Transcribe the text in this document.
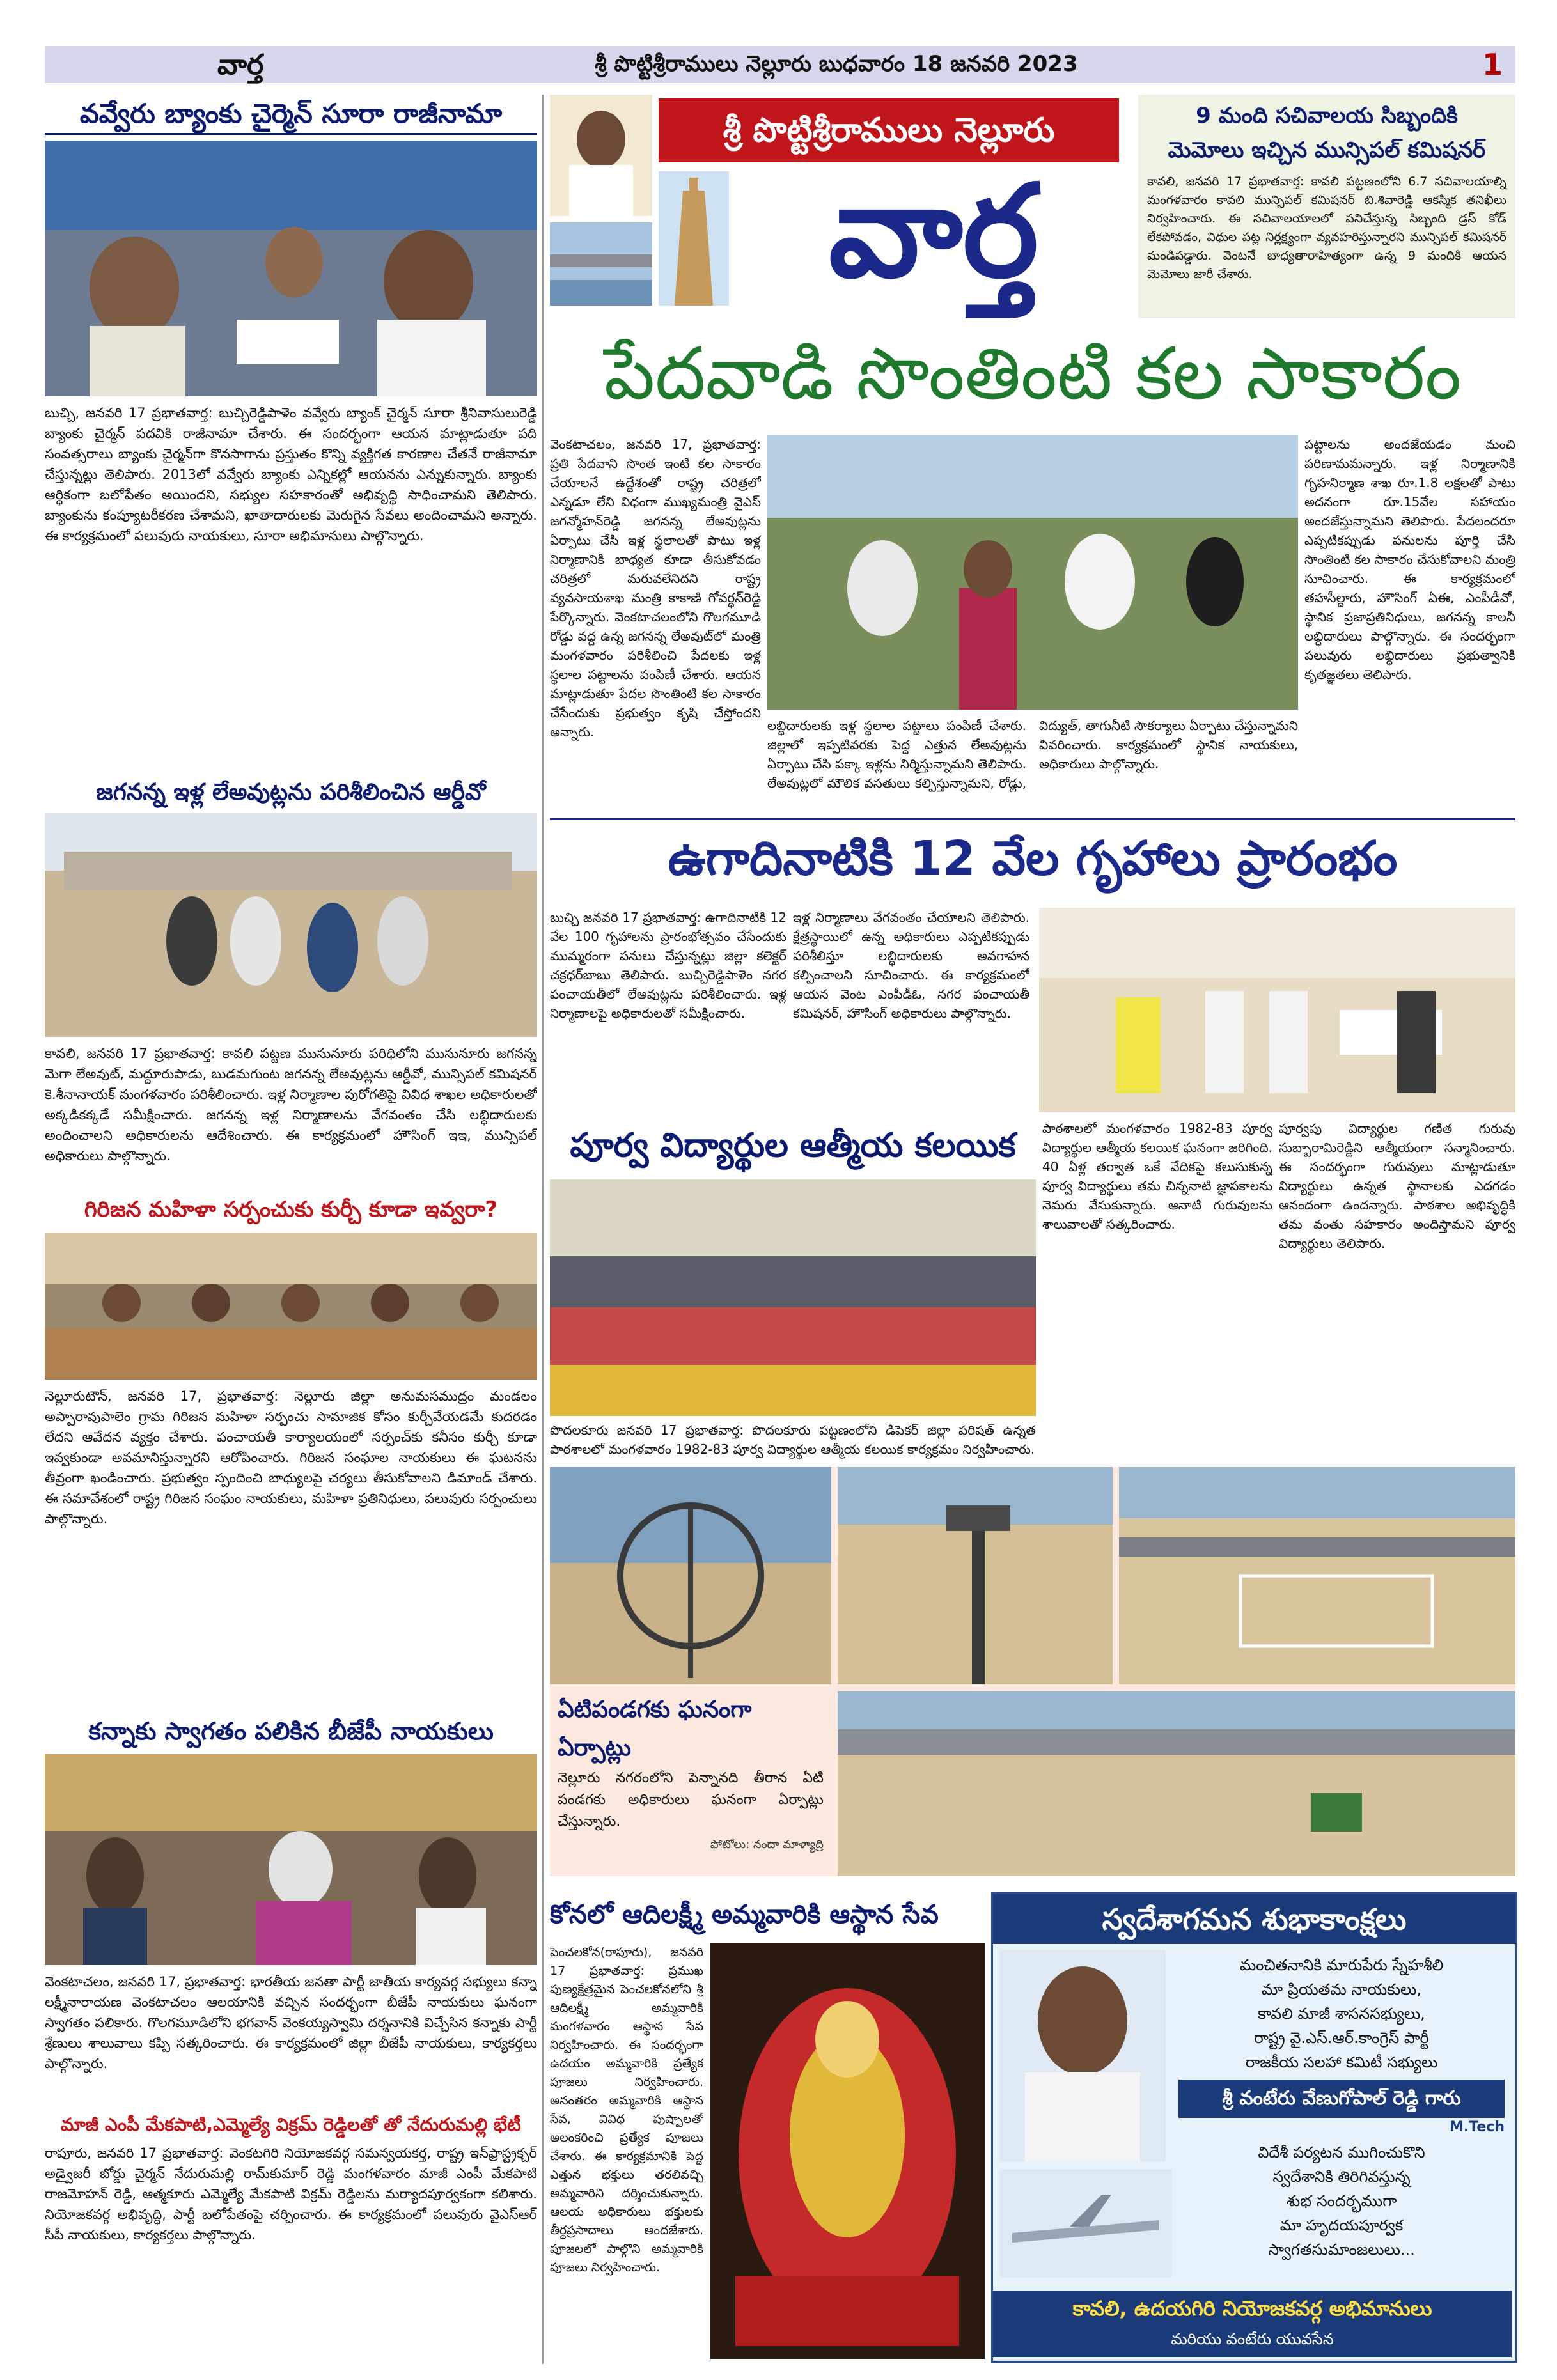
వార్త	శ్రీ పొట్టిశ్రీరాములు నెల్లూరు బుధవారం 18 జనవరి 2023	1
వవ్వేరు బ్యాంకు చైర్మెన్ సూరా రాజీనామా
బుచ్చి, జనవరి 17 ప్రభాతవార్త: బుచ్చిరెడ్డిపాళెం వవ్వేరు బ్యాంక్ చైర్మన్ సూరా శ్రీనివాసులురెడ్డి బ్యాంకు చైర్మన్ పదవికి రాజీనామా చేశారు. ఈ సందర్భంగా ఆయన మాట్లాడుతూ పది సంవత్సరాలు బ్యాంకు చైర్మన్‌గా కొనసాగాను ప్రస్తుతం కొన్ని వ్యక్తిగత కారణాల చేతనే రాజీనామా చేస్తున్నట్లు తెలిపారు. 2013లో వవ్వేరు బ్యాంకు ఎన్నికల్లో ఆయనను ఎన్నుకున్నారు. బ్యాంకు ఆర్థికంగా బలోపేతం అయిందని, సభ్యుల సహకారంతో అభివృద్ధి సాధించామని తెలిపారు. బ్యాంకును కంప్యూటరీకరణ చేశామని, ఖాతాదారులకు మెరుగైన సేవలు అందించామని అన్నారు. ఈ కార్యక్రమంలో పలువురు నాయకులు, సూరా అభిమానులు పాల్గొన్నారు.
జగనన్న ఇళ్ల లేఅవుట్లను పరిశీలించిన ఆర్డీవో
కావలి, జనవరి 17 ప్రభాతవార్త: కావలి పట్టణ ముసునూరు పరిధిలోని ముసునూరు జగనన్న మెగా లేఅవుట్, మద్దూరుపాడు, బుడమగుంట జగనన్న లేఅవుట్లను ఆర్డీవో, మున్సిపల్ కమిషనర్ కె.శీనానాయక్ మంగళవారం పరిశీలించారు. ఇళ్ల నిర్మాణాల పురోగతిపై వివిధ శాఖల అధికారులతో అక్కడికక్కడే సమీక్షించారు. జగనన్న ఇళ్ల నిర్మాణాలను వేగవంతం చేసి లబ్ధిదారులకు అందించాలని అధికారులను ఆదేశించారు. ఈ కార్యక్రమంలో హౌసింగ్ ఇఇ, మున్సిపల్ అధికారులు పాల్గొన్నారు.
గిరిజన మహిళా సర్పంచుకు కుర్చీ కూడా ఇవ్వరా?
నెల్లూరుటౌన్, జనవరి 17, ప్రభాతవార్త: నెల్లూరు జిల్లా అనుమసముద్రం మండలం అప్పారావుపాలెం గ్రామ గిరిజన మహిళా సర్పంచు సామాజిక కోసం కుర్చీవేయడమే కుదరడం లేదని ఆవేదన వ్యక్తం చేశారు. పంచాయతీ కార్యాలయంలో సర్పంచ్‌కు కనీసం కుర్చీ కూడా ఇవ్వకుండా అవమానిస్తున్నారని ఆరోపించారు. గిరిజన సంఘాల నాయకులు ఈ ఘటనను తీవ్రంగా ఖండించారు. ప్రభుత్వం స్పందించి బాధ్యులపై చర్యలు తీసుకోవాలని డిమాండ్ చేశారు. ఈ సమావేశంలో రాష్ట్ర గిరిజన సంఘం నాయకులు, మహిళా ప్రతినిధులు, పలువురు సర్పంచులు పాల్గొన్నారు.
కన్నాకు స్వాగతం పలికిన బీజేపీ నాయకులు
వెంకటాచలం, జనవరి 17, ప్రభాతవార్త: భారతీయ జనతా పార్టీ జాతీయ కార్యవర్గ సభ్యులు కన్నా లక్ష్మీనారాయణ వెంకటాచలం ఆలయానికి వచ్చిన సందర్భంగా బీజేపీ నాయకులు ఘనంగా స్వాగతం పలికారు. గొలగమూడిలోని భగవాన్ వెంకయ్యస్వామి దర్శనానికి విచ్చేసిన కన్నాకు పార్టీ శ్రేణులు శాలువాలు కప్పి సత్కరించారు. ఈ కార్యక్రమంలో జిల్లా బీజేపీ నాయకులు, కార్యకర్తలు పాల్గొన్నారు.
మాజీ ఎంపీ మేకపాటి,ఎమ్మెల్యే విక్రమ్ రెడ్డిలతో తో నేదురుమల్లి భేటీ
రాపూరు, జనవరి 17 ప్రభాతవార్త: వెంకటగిరి నియోజకవర్గ సమన్వయకర్త, రాష్ట్ర ఇన్‌ఫ్రాస్ట్రక్చర్ అడ్వైజరీ బోర్డు చైర్మన్ నేదురుమల్లి రామ్‌కుమార్ రెడ్డి మంగళవారం మాజీ ఎంపీ మేకపాటి రాజమోహన్ రెడ్డి, ఆత్మకూరు ఎమ్మెల్యే మేకపాటి విక్రమ్ రెడ్డిలను మర్యాదపూర్వకంగా కలిశారు. నియోజకవర్గ అభివృద్ధి, పార్టీ బలోపేతంపై చర్చించారు. ఈ కార్యక్రమంలో పలువురు వైఎస్ఆర్ సీపీ నాయకులు, కార్యకర్తలు పాల్గొన్నారు.
శ్రీ పొట్టిశ్రీరాములు నెల్లూరు
వార్త
9 మంది సచివాలయ సిబ్బందికి
మెమోలు ఇచ్చిన మున్సిపల్ కమిషనర్
కావలి, జనవరి 17 ప్రభాతవార్త: కావలి పట్టణంలోని 6.7 సచివాలయాల్ని మంగళవారం కావలి మున్సిపల్ కమిషనర్ బి.శివారెడ్డి ఆకస్మిక తనిఖీలు నిర్వహించారు. ఈ సచివాలయాలలో పనిచేస్తున్న సిబ్బంది డ్రస్ కోడ్ లేకపోవడం, విధుల పట్ల నిర్లక్ష్యంగా వ్యవహరిస్తున్నారని మున్సిపల్ కమిషనర్ మండిపడ్డారు. వెంటనే బాధ్యతారాహిత్యంగా ఉన్న 9 మందికి ఆయన మెమోలు జారీ చేశారు.
పేదవాడి సొంతింటి కల సాకారం
వెంకటాచలం, జనవరి 17, ప్రభాతవార్త: ప్రతి పేదవాని సొంత ఇంటి కల సాకారం చేయాలనే ఉద్దేశంతో రాష్ట్ర చరిత్రలో ఎన్నడూ లేని విధంగా ముఖ్యమంత్రి వైఎస్ జగన్మోహన్‌రెడ్డి జగనన్న లేఅవుట్లను ఏర్పాటు చేసి ఇళ్ల స్థలాలతో పాటు ఇళ్ల నిర్మాణానికి బాధ్యత కూడా తీసుకోవడం చరిత్రలో మరువలేనిదని రాష్ట్ర వ్యవసాయశాఖ మంత్రి కాకాణి గోవర్ధన్‌రెడ్డి పేర్కొన్నారు. వెంకటాచలంలోని గొలగమూడి రోడ్డు వద్ద ఉన్న జగనన్న లేఅవుట్‌లో మంత్రి మంగళవారం పరిశీలించి పేదలకు ఇళ్ల స్థలాల పట్టాలను పంపిణీ చేశారు. ఆయన మాట్లాడుతూ పేదల సొంతింటి కల సాకారం చేసేందుకు ప్రభుత్వం కృషి చేస్తోందని అన్నారు.	లబ్ధిదారులకు ఇళ్ల స్థలాల పట్టాలు పంపిణీ చేశారు. జిల్లాలో ఇప్పటివరకు పెద్ద ఎత్తున లేఅవుట్లను ఏర్పాటు చేసి పక్కా ఇళ్లను నిర్మిస్తున్నామని తెలిపారు. లేఅవుట్లలో మౌలిక వసతులు కల్పిస్తున్నామని, రోడ్లు, విద్యుత్, తాగునీటి సౌకర్యాలు ఏర్పాటు చేస్తున్నామని వివరించారు. కార్యక్రమంలో స్థానిక నాయకులు, అధికారులు పాల్గొన్నారు.
పట్టాలను అందజేయడం మంచి పరిణామమన్నారు. ఇళ్ల నిర్మాణానికి గృహనిర్మాణ శాఖ రూ.1.8 లక్షలతో పాటు అదనంగా రూ.15వేల సహాయం అందజేస్తున్నామని తెలిపారు. పేదలందరూ ఎప్పటికప్పుడు పనులను పూర్తి చేసి సొంతింటి కల సాకారం చేసుకోవాలని మంత్రి సూచించారు. ఈ కార్యక్రమంలో తహసీల్దారు, హౌసింగ్ ఏఈ, ఎంపీడీవో, స్థానిక ప్రజాప్రతినిధులు, జగనన్న కాలనీ లబ్ధిదారులు పాల్గొన్నారు. ఈ సందర్భంగా పలువురు లబ్ధిదారులు ప్రభుత్వానికి కృతజ్ఞతలు తెలిపారు.
ఉగాదినాటికి 12 వేల గృహాలు ప్రారంభం
బుచ్చి జనవరి 17 ప్రభాతవార్త: ఉగాదినాటికి 12 వేల 100 గృహాలను ప్రారంభోత్సవం చేసేందుకు ముమ్మరంగా పనులు చేస్తున్నట్లు జిల్లా కలెక్టర్ చక్రధర్‌బాబు తెలిపారు. బుచ్చిరెడ్డిపాళెం నగర పంచాయతీలో లేఅవుట్లను పరిశీలించారు. ఇళ్ల నిర్మాణాలపై అధికారులతో సమీక్షించారు.
ఇళ్ల నిర్మాణాలు వేగవంతం చేయాలని తెలిపారు. క్షేత్రస్థాయిలో ఉన్న అధికారులు ఎప్పటికప్పుడు పరిశీలిస్తూ లబ్ధిదారులకు అవగాహన కల్పించాలని సూచించారు. ఈ కార్యక్రమంలో ఆయన వెంట ఎంపీడీఓ, నగర పంచాయతీ కమిషనర్, హౌసింగ్ అధికారులు పాల్గొన్నారు.
పూర్వ విద్యార్థుల ఆత్మీయ కలయిక
పొదలకూరు జనవరి 17 ప్రభాతవార్త: పొదలకూరు పట్టణంలోని డిపెకర్ జిల్లా పరిషత్ ఉన్నత పాఠశాలలో మంగళవారం 1982-83 పూర్వ విద్యార్థుల ఆత్మీయ కలయిక కార్యక్రమం నిర్వహించారు.
పాఠశాలలో మంగళవారం 1982-83 పూర్వ విద్యార్థుల ఆత్మీయ కలయిక ఘనంగా జరిగింది. 40 ఏళ్ల తర్వాత ఒకే వేదికపై కలుసుకున్న పూర్వ విద్యార్థులు తమ చిన్ననాటి జ్ఞాపకాలను నెమరు వేసుకున్నారు. ఆనాటి గురువులను శాలువాలతో సత్కరించారు.
పూర్వపు విద్యార్థుల గణిత గురువు సుబ్బారామిరెడ్డిని ఆత్మీయంగా సన్మానించారు. ఈ సందర్భంగా గురువులు మాట్లాడుతూ విద్యార్థులు ఉన్నత స్థానాలకు ఎదగడం ఆనందంగా ఉందన్నారు. పాఠశాల అభివృద్ధికి తమ వంతు సహకారం అందిస్తామని పూర్వ విద్యార్థులు తెలిపారు.
ఏటిపండగకు ఘనంగా ఏర్పాట్లు
నెల్లూరు నగరంలోని పెన్నానది తీరాన ఏటి పండగకు అధికారులు ఘనంగా ఏర్పాట్లు చేస్తున్నారు.
ఫోటోలు: నందా మాళ్యాద్రి
కోనలో ఆదిలక్ష్మీ అమ్మవారికి ఆస్థాన సేవ
పెంచలకోన(రాపూరు), జనవరి 17 ప్రభాతవార్త: ప్రముఖ పుణ్యక్షేత్రమైన పెంచలకోనలోని శ్రీ ఆదిలక్ష్మీ అమ్మవారికి మంగళవారం ఆస్థాన సేవ నిర్వహించారు. ఈ సందర్భంగా ఉదయం అమ్మవారికి ప్రత్యేక పూజలు నిర్వహించారు. అనంతరం అమ్మవారికి ఆస్థాన సేవ, వివిధ పుష్పాలతో అలంకరించి ప్రత్యేక పూజలు చేశారు. ఈ కార్యక్రమానికి పెద్ద ఎత్తున భక్తులు తరలివచ్చి అమ్మవారిని దర్శించుకున్నారు. ఆలయ అధికారులు భక్తులకు తీర్థప్రసాదాలు అందజేశారు. పూజలలో పాల్గొని అమ్మవారికి పూజలు నిర్వహించారు.
స్వదేశాగమన శుభాకాంక్షలు
మంచితనానికి మారుపేరు స్నేహశీలి
మా ప్రియతమ నాయకులు,
కావలి మాజీ శాసనసభ్యులు,
రాష్ట్ర వై.ఎస్.ఆర్.కాంగ్రెస్ పార్టీ
రాజకీయ సలహా కమిటీ సభ్యులు
శ్రీ వంటేరు వేణుగోపాల్ రెడ్డి గారు
M.Tech
విదేశీ పర్యటన ముగించుకొని
స్వదేశానికి తిరిగివస్తున్న
శుభ సందర్భముగా
మా హృదయపూర్వక
స్వాగతసుమాంజలులు...
కావలి, ఉదయగిరి నియోజకవర్గ అభిమానులు
మరియు వంటేరు యువసేన
